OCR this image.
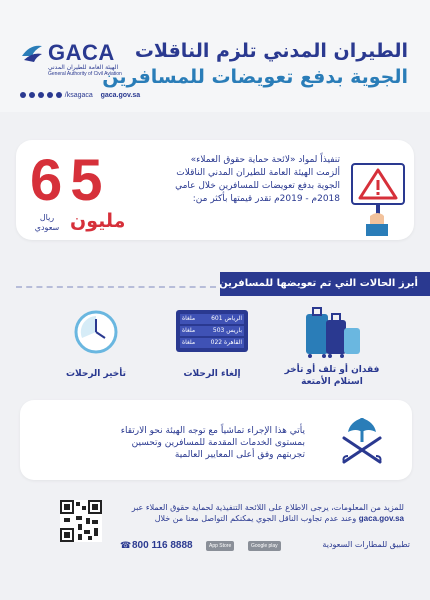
GACA
الهيئة العامة للطيران المدني
General Authority of Civil Aviation
/ksagaca gaca.gov.sa
الطيران المدني تلزم الناقلات
الجوية بدفع تعويضات للمسافرين
65
مليون
ريال سعودي
تنفيذاً لمواد «لائحة حماية حقوق العملاء» ألزمت الهيئة العامة للطيران المدني الناقلات الجوية بدفع تعويضات للمسافرين خلال عامي 2018م - 2019م تقدر قيمتها بأكثر من:
أبرز الحالات التي تم تعويضها للمسافرين
فقدان أو تلف أو تأخر استلام الأمتعة
ملغاة	601 الرياض
ملغاة	503 باريس
ملغاة	022 القاهرة
إلغاء الرحلات
تأخير الرحلات
يأتي هذا الإجراء تماشياً مع توجه الهيئة نحو الارتقاء بمستوى الخدمات المقدمة للمسافرين وتحسين تجربتهم وفق أعلى المعايير العالمية
للمزيد من المعلومات، يرجى الاطلاع على اللائحة التنفيذية لحماية حقوق العملاء عبر gaca.gov.sa وعند عدم تجاوب الناقل الجوي يمكنكم التواصل معنا من خلال
☎ 800 116 8888	App Store	Google play	تطبيق للمطارات السعودية
